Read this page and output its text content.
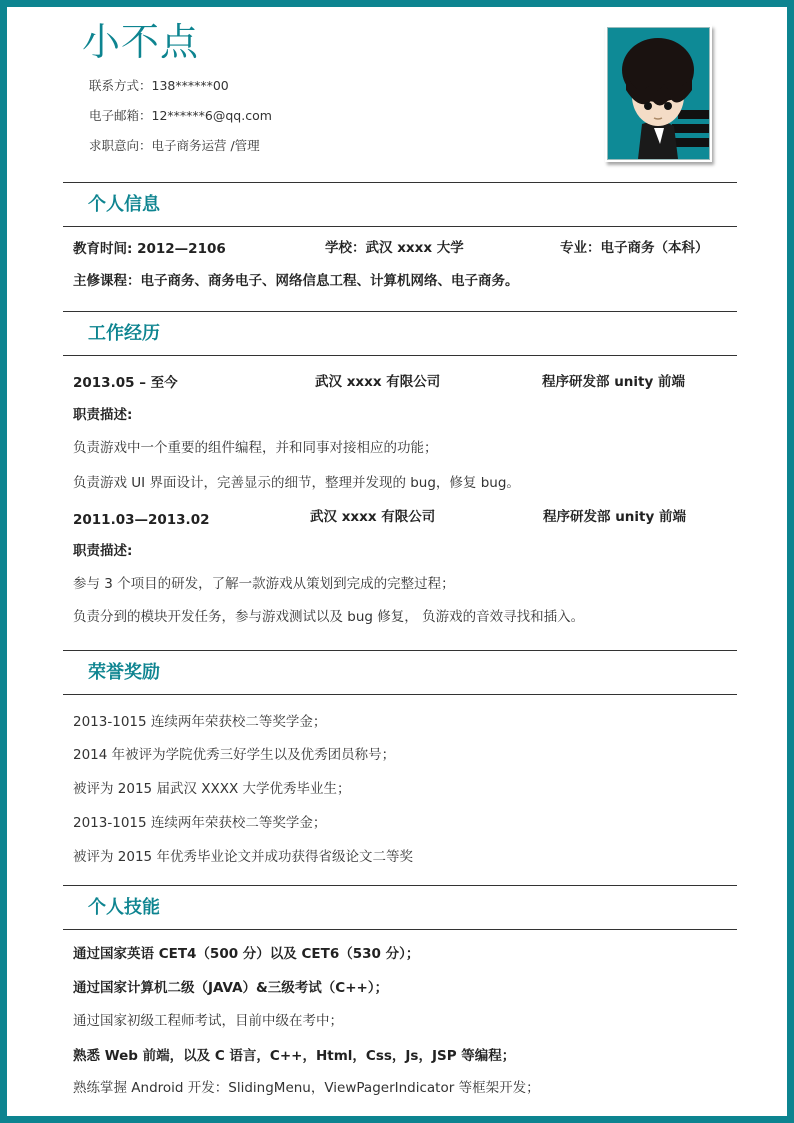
小不点
联系方式：138******00
电子邮箱：12******6@qq.com
求职意向：电子商务运营 /管理
个人信息
教育时间: 2012—2106	学校：武汉 xxxx 大学	专业：电子商务（本科）
主修课程：电子商务、商务电子、网络信息工程、计算机网络、电子商务。
工作经历
2013.05 – 至今	武汉 xxxx 有限公司	程序研发部 unity 前端
职责描述:
负责游戏中一个重要的组件编程，并和同事对接相应的功能；
负责游戏 UI 界面设计，完善显示的细节，整理并发现的 bug，修复 bug。
2011.03—2013.02	武汉 xxxx 有限公司	程序研发部 unity 前端
职责描述:
参与 3 个项目的研发，了解一款游戏从策划到完成的完整过程；
负责分到的模块开发任务，参与游戏测试以及 bug 修复， 负游戏的音效寻找和插入。
荣誉奖励
2013-1015 连续两年荣获校二等奖学金；
2014 年被评为学院优秀三好学生以及优秀团员称号；
被评为 2015 届武汉 XXXX 大学优秀毕业生；
2013-1015 连续两年荣获校二等奖学金；
被评为 2015 年优秀毕业论文并成功获得省级论文二等奖
个人技能
通过国家英语 CET4（500 分）以及 CET6（530 分）；
通过国家计算机二级（JAVA）&三级考试（C++）；
通过国家初级工程师考试，目前中级在考中；
熟悉 Web 前端，以及 C 语言，C++，Html，Css，Js，JSP 等编程；
熟练掌握 Android 开发：SlidingMenu，ViewPagerIndicator 等框架开发；
